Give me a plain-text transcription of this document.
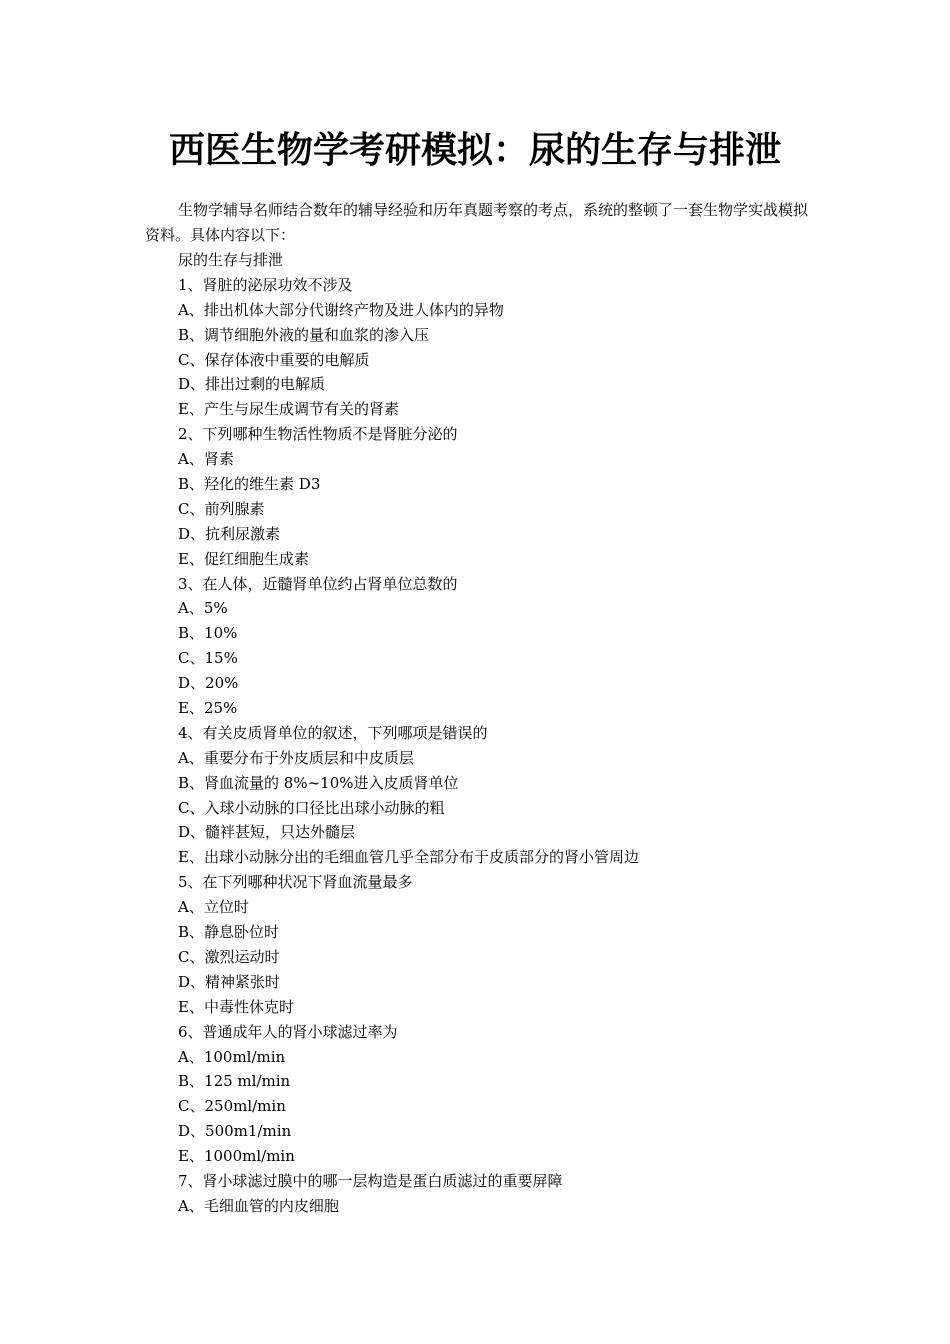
西医生物学考研模拟：尿的生存与排泄

生物学辅导名师结合数年的辅导经验和历年真题考察的考点，系统的整顿了一套生物学实战模拟资料。具体内容以下：

尿的生存与排泄
1、肾脏的泌尿功效不涉及
A、排出机体大部分代谢终产物及进人体内的异物
B、调节细胞外液的量和血浆的渗入压
C、保存体液中重要的电解质
D、排出过剩的电解质
E、产生与尿生成调节有关的肾素
2、下列哪种生物活性物质不是肾脏分泌的
A、肾素
B、羟化的维生素 D3
C、前列腺素
D、抗利尿激素
E、促红细胞生成素
3、在人体，近髓肾单位约占肾单位总数的
A、5%
B、10%
C、15%
D、20%
E、25%
4、有关皮质肾单位的叙述，下列哪项是错误的
A、重要分布于外皮质层和中皮质层
B、肾血流量的 8%~10%进入皮质肾单位
C、入球小动脉的口径比出球小动脉的粗
D、髓袢甚短，只达外髓层
E、出球小动脉分出的毛细血管几乎全部分布于皮质部分的肾小管周边
5、在下列哪种状况下肾血流量最多
A、立位时
B、静息卧位时
C、激烈运动时
D、精神紧张时
E、中毒性休克时
6、普通成年人的肾小球滤过率为
A、100ml/min
B、125 ml/min
C、250ml/min
D、500m1/min
E、1000ml/min
7、肾小球滤过膜中的哪一层构造是蛋白质滤过的重要屏障
A、毛细血管的内皮细胞
